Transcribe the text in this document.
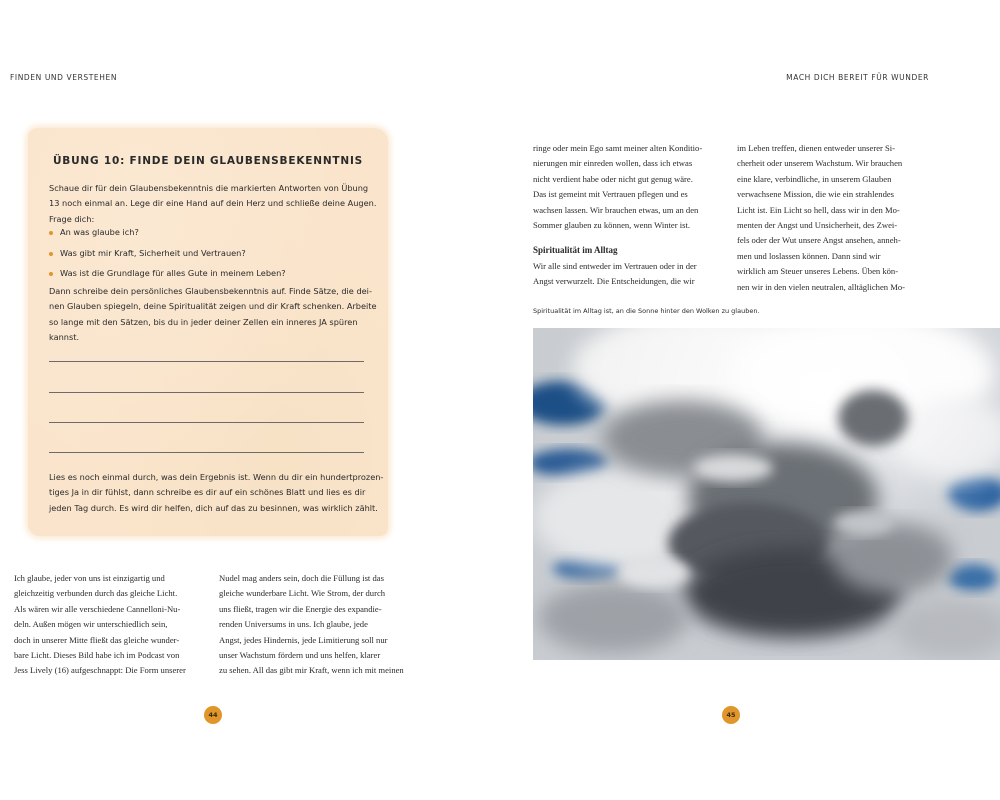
FINDEN UND VERSTEHEN	MACH DICH BEREIT FÜR WUNDER
ÜBUNG 10: FINDE DEIN GLAUBENSBEKENNTNIS
Schaue dir für dein Glaubensbekenntnis die markierten Antworten von Übung
13 noch einmal an. Lege dir eine Hand auf dein Herz und schließe deine Augen.
Frage dich:
An was glaube ich?
Was gibt mir Kraft, Sicherheit und Vertrauen?
Was ist die Grundlage für alles Gute in meinem Leben?
Dann schreibe dein persönliches Glaubensbekenntnis auf. Finde Sätze, die dei-
nen Glauben spiegeln, deine Spiritualität zeigen und dir Kraft schenken. Arbeite
so lange mit den Sätzen, bis du in jeder deiner Zellen ein inneres JA spüren
kannst.
Lies es noch einmal durch, was dein Ergebnis ist. Wenn du dir ein hundertprozen-
tiges Ja in dir fühlst, dann schreibe es dir auf ein schönes Blatt und lies es dir
jeden Tag durch. Es wird dir helfen, dich auf das zu besinnen, was wirklich zählt.
Ich glaube, jeder von uns ist einzigartig und
gleichzeitig verbunden durch das gleiche Licht.
Als wären wir alle verschiedene Cannelloni-Nu-
deln. Außen mögen wir unterschiedlich sein,
doch in unserer Mitte fließt das gleiche wunder-
bare Licht. Dieses Bild habe ich im Podcast von
Jess Lively (16) aufgeschnappt: Die Form unserer
Nudel mag anders sein, doch die Füllung ist das
gleiche wunderbare Licht. Wie Strom, der durch
uns fließt, tragen wir die Energie des expandie-
renden Universums in uns. Ich glaube, jede
Angst, jedes Hindernis, jede Limitierung soll nur
unser Wachstum fördern und uns helfen, klarer
zu sehen. All das gibt mir Kraft, wenn ich mit meinen
ringe oder mein Ego samt meiner alten Konditio-
nierungen mir einreden wollen, dass ich etwas
nicht verdient habe oder nicht gut genug wäre.
Das ist gemeint mit Vertrauen pflegen und es
wachsen lassen. Wir brauchen etwas, um an den
Sommer glauben zu können, wenn Winter ist.
Spiritualität im Alltag
Wir alle sind entweder im Vertrauen oder in der
Angst verwurzelt. Die Entscheidungen, die wir
im Leben treffen, dienen entweder unserer Si-
cherheit oder unserem Wachstum. Wir brauchen
eine klare, verbindliche, in unserem Glauben
verwachsene Mission, die wie ein strahlendes
Licht ist. Ein Licht so hell, dass wir in den Mo-
menten der Angst und Unsicherheit, des Zwei-
fels oder der Wut unsere Angst ansehen, anneh-
men und loslassen können. Dann sind wir
wirklich am Steuer unseres Lebens. Üben kön-
nen wir in den vielen neutralen, alltäglichen Mo-
Spiritualität im Alltag ist, an die Sonne hinter den Wolken zu glauben.
44	45
